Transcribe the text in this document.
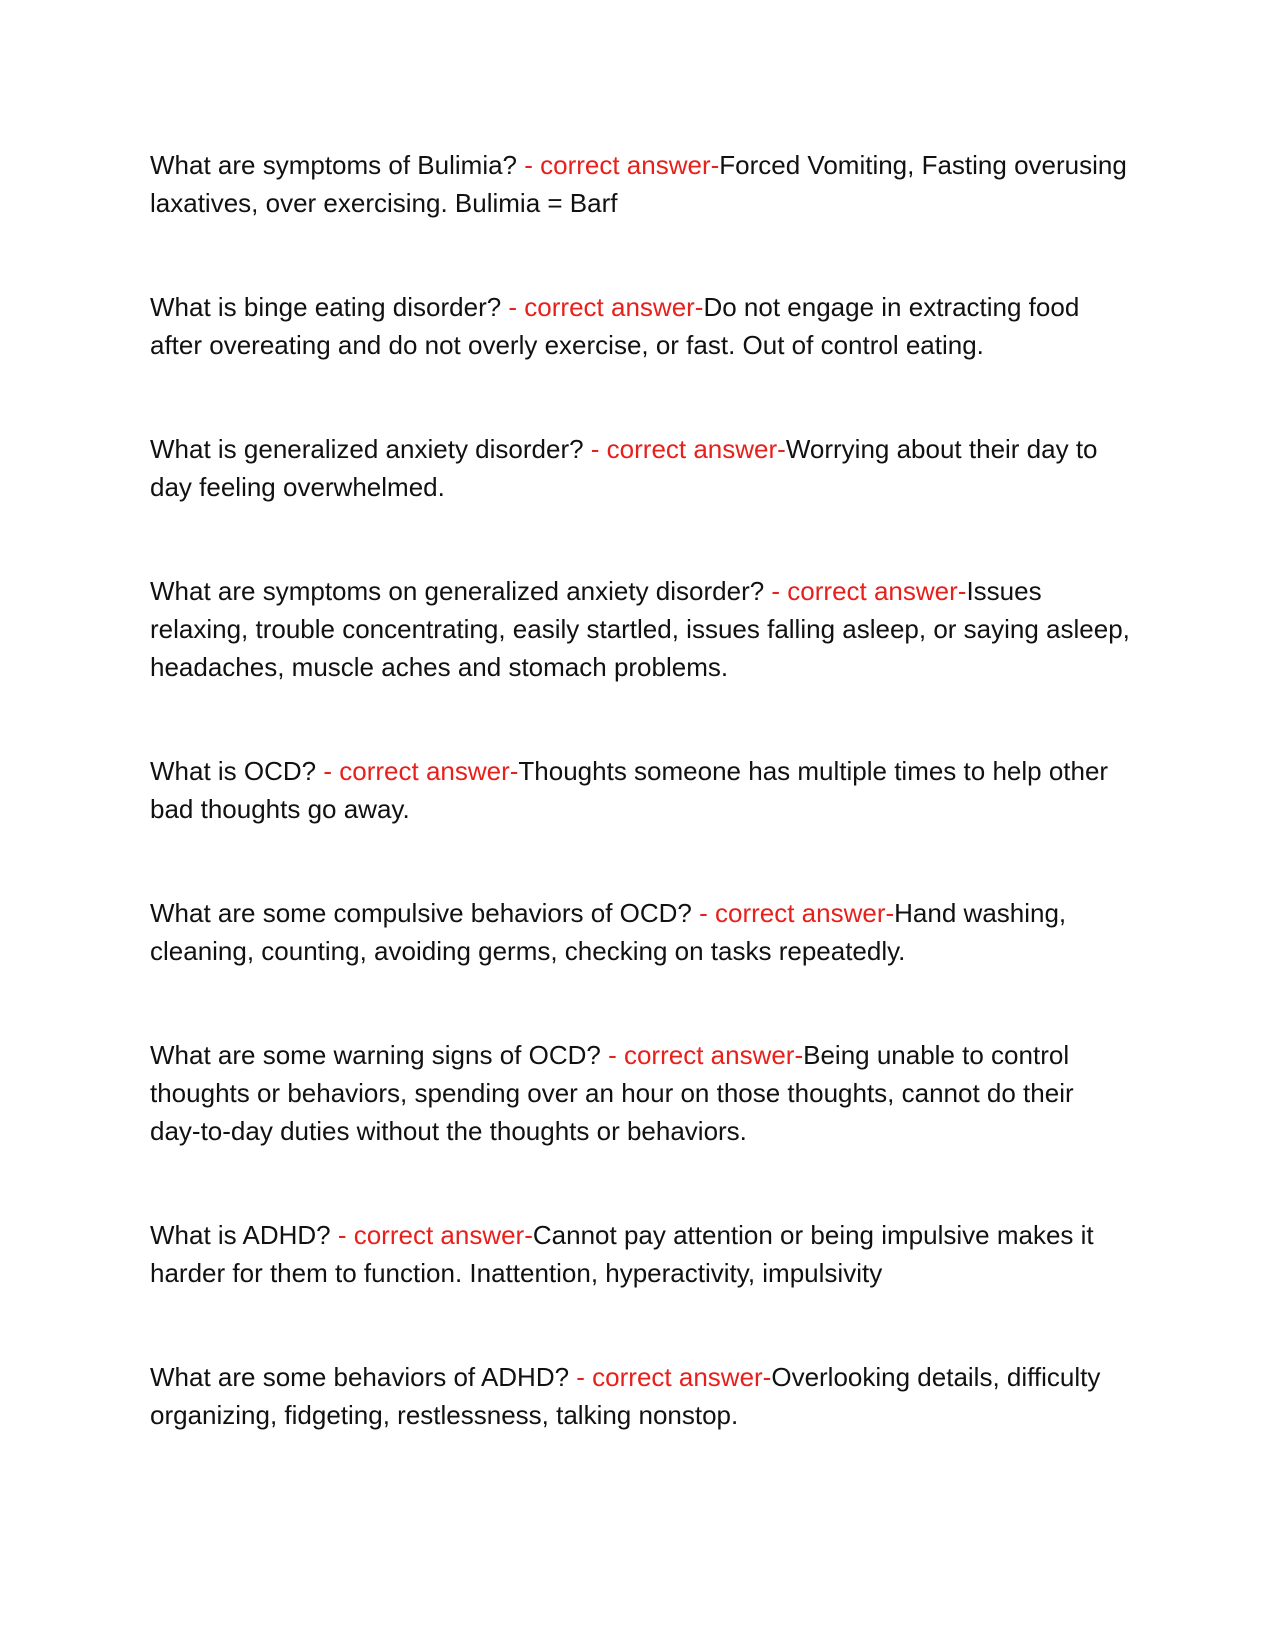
What are symptoms of Bulimia? - correct answer-Forced Vomiting, Fasting overusing laxatives, over exercising. Bulimia = Barf

What is binge eating disorder? - correct answer-Do not engage in extracting food after overeating and do not overly exercise, or fast. Out of control eating.

What is generalized anxiety disorder? - correct answer-Worrying about their day to day feeling overwhelmed.

What are symptoms on generalized anxiety disorder? - correct answer-Issues relaxing, trouble concentrating, easily startled, issues falling asleep, or saying asleep, headaches, muscle aches and stomach problems.

What is OCD? - correct answer-Thoughts someone has multiple times to help other bad thoughts go away.

What are some compulsive behaviors of OCD? - correct answer-Hand washing, cleaning, counting, avoiding germs, checking on tasks repeatedly.

What are some warning signs of OCD? - correct answer-Being unable to control thoughts or behaviors, spending over an hour on those thoughts, cannot do their day-to-day duties without the thoughts or behaviors.

What is ADHD? - correct answer-Cannot pay attention or being impulsive makes it harder for them to function. Inattention, hyperactivity, impulsivity

What are some behaviors of ADHD? - correct answer-Overlooking details, difficulty organizing, fidgeting, restlessness, talking nonstop.
